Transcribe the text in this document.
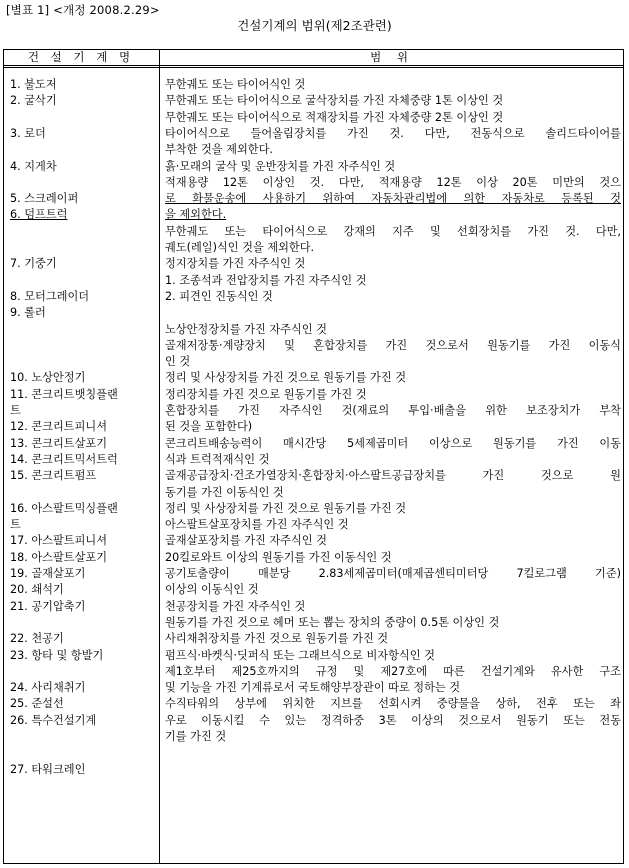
[별표 1] <개정 2008.2.29>
건설기계의 범위(제2조관련)
건 설 기 계 명	범 위
1. 불도저
2. 굴삭기
3. 로더
4. 지게차
5. 스크레이퍼
6. 덤프트럭
7. 기중기
8. 모터그레이더
9. 롤러
10. 노상안정기
11. 콘크리트뱃칭플랜
트
12. 콘크리트피니셔
13. 콘크리트살포기
14. 콘크리트믹서트럭
15. 콘크리트펌프
16. 아스팔트믹싱플랜
트
17. 아스팔트피니셔
18. 아스팔트살포기
19. 골재살포기
20. 쇄석기
21. 공기압축기
22. 천공기
23. 항타 및 항발기
24. 사리채취기
25. 준설선
26. 특수건설기계
27. 타워크레인
무한궤도 또는 타이어식인 것
무한궤도 또는 타이어식으로 굴삭장치를 가진 자체중량 1톤 이상인 것
무한궤도 또는 타이어식으로 적재장치를 가진 자체중량 2톤 이상인 것
타이어식으로 들어올림장치를 가진 것. 다만, 전동식으로 솔리드타이어를
부착한 것을 제외한다.
흙·모래의 굴삭 및 운반장치를 가진 자주식인 것
적재용량 12톤 이상인 것. 다만, 적재용량 12톤 이상 20톤 미만의 것으
로 화물운송에 사용하기 위하여 자동차관리법에 의한 자동차로 등록된 것
을 제외한다.
무한궤도 또는 타이어식으로 강재의 지주 및 선회장치를 가진 것. 다만,
궤도(레일)식인 것을 제외한다.
정지장치를 가진 자주식인 것
1. 조종석과 전압장치를 가진 자주식인 것
2. 피견인 진동식인 것
노상안정장치를 가진 자주식인 것
골재저장통·계량장치 및 혼합장치를 가진 것으로서 원동기를 가진 이동식
인 것
정리 및 사상장치를 가진 것으로 원동기를 가진 것
정리장치를 가진 것으로 원동기를 가진 것
혼합장치를 가진 자주식인 것(재료의 투입·배출을 위한 보조장치가 부착
된 것을 포함한다)
콘크리트배송능력이 매시간당 5세제곱미터 이상으로 원동기를 가진 이동
식과 트럭적재식인 것
골재공급장치·건조가열장치·혼합장치·아스팔트공급장치를 가진 것으로 원
동기를 가진 이동식인 것
정리 및 사상장치를 가진 것으로 원동기를 가진 것
아스팔트살포장치를 가진 자주식인 것
골재살포장치를 가진 자주식인 것
20킬로와트 이상의 원동기를 가진 이동식인 것
공기토출량이 매분당 2.83세제곱미터(매제곱센티미터당 7킬로그램 기준)
이상의 이동식인 것
천공장치를 가진 자주식인 것
원동기를 가진 것으로 헤머 또는 뽑는 장치의 중량이 0.5톤 이상인 것
사리채취장치를 가진 것으로 원동기를 가진 것
펌프식·바켓식·딧퍼식 또는 그래브식으로 비자항식인 것
제1호부터 제25호까지의 규정 및 제27호에 따른 건설기계와 유사한 구조
및 기능을 가진 기계류로서 국토해양부장관이 따로 정하는 것
수직타워의 상부에 위치한 지브를 선회시켜 중량물을 상하, 전후 또는 좌
우로 이동시킬 수 있는 정격하중 3톤 이상의 것으로서 원동기 또는 전동
기를 가진 것
